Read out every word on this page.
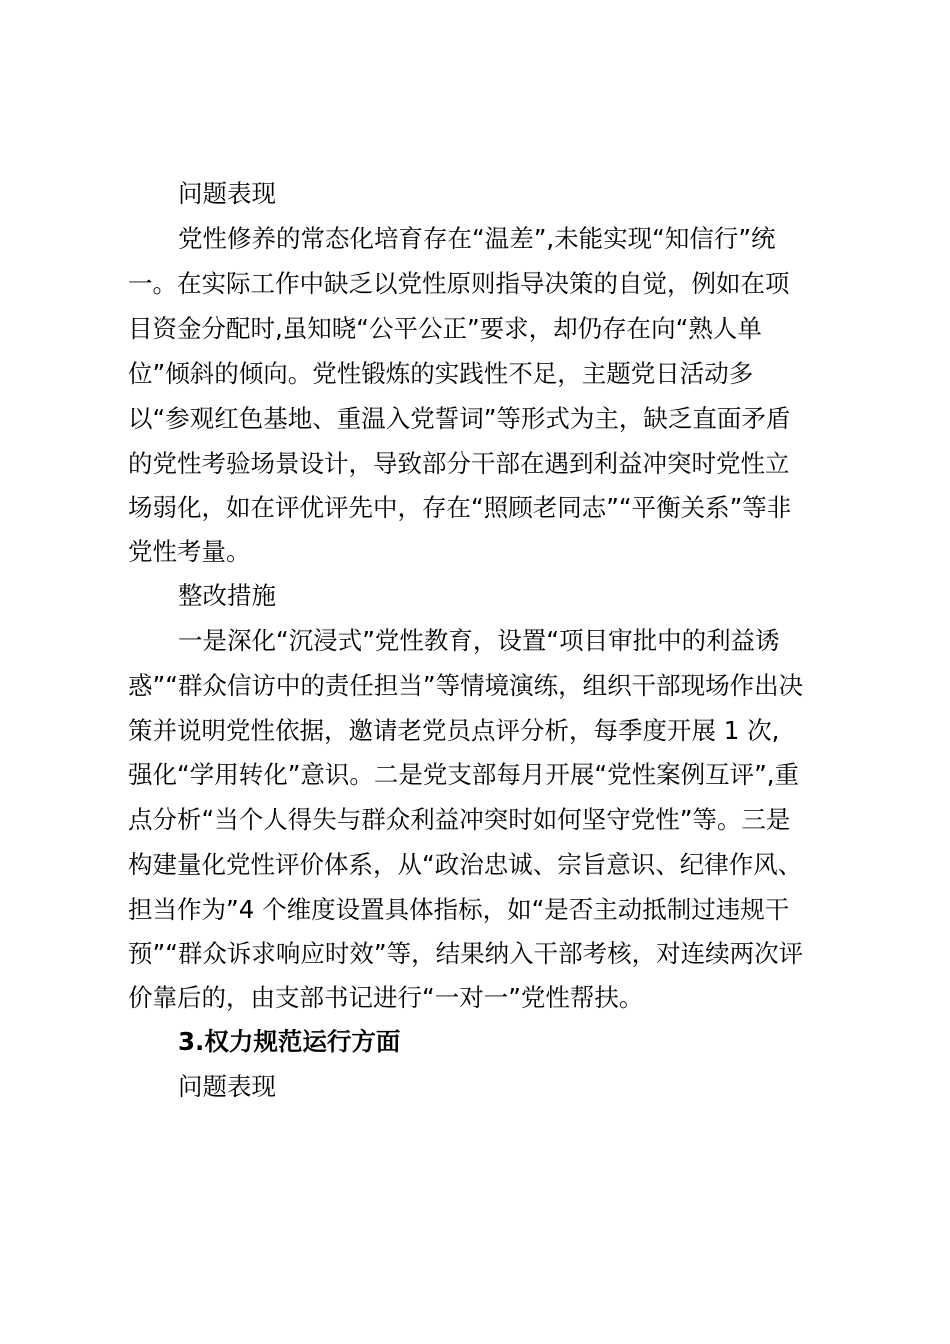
问题表现
党性修养的常态化培育存在“温差”,未能实现“知信行”统
一。在实际工作中缺乏以党性原则指导决策的自觉，例如在项
目资金分配时,虽知晓“公平公正”要求，却仍存在向“熟人单
位”倾斜的倾向。党性锻炼的实践性不足，主题党日活动多
以“参观红色基地、重温入党誓词”等形式为主，缺乏直面矛盾
的党性考验场景设计，导致部分干部在遇到利益冲突时党性立
场弱化，如在评优评先中，存在“照顾老同志”“平衡关系”等非
党性考量。
整改措施
一是深化“沉浸式”党性教育，设置“项目审批中的利益诱
惑”“群众信访中的责任担当”等情境演练，组织干部现场作出决
策并说明党性依据，邀请老党员点评分析，每季度开展 1 次,
强化“学用转化”意识。二是党支部每月开展“党性案例互评”,重
点分析“当个人得失与群众利益冲突时如何坚守党性”等。三是
构建量化党性评价体系，从“政治忠诚、宗旨意识、纪律作风、
担当作为”4 个维度设置具体指标，如“是否主动抵制过违规干
预”“群众诉求响应时效”等，结果纳入干部考核，对连续两次评
价靠后的，由支部书记进行“一对一”党性帮扶。
3.权力规范运行方面
问题表现
